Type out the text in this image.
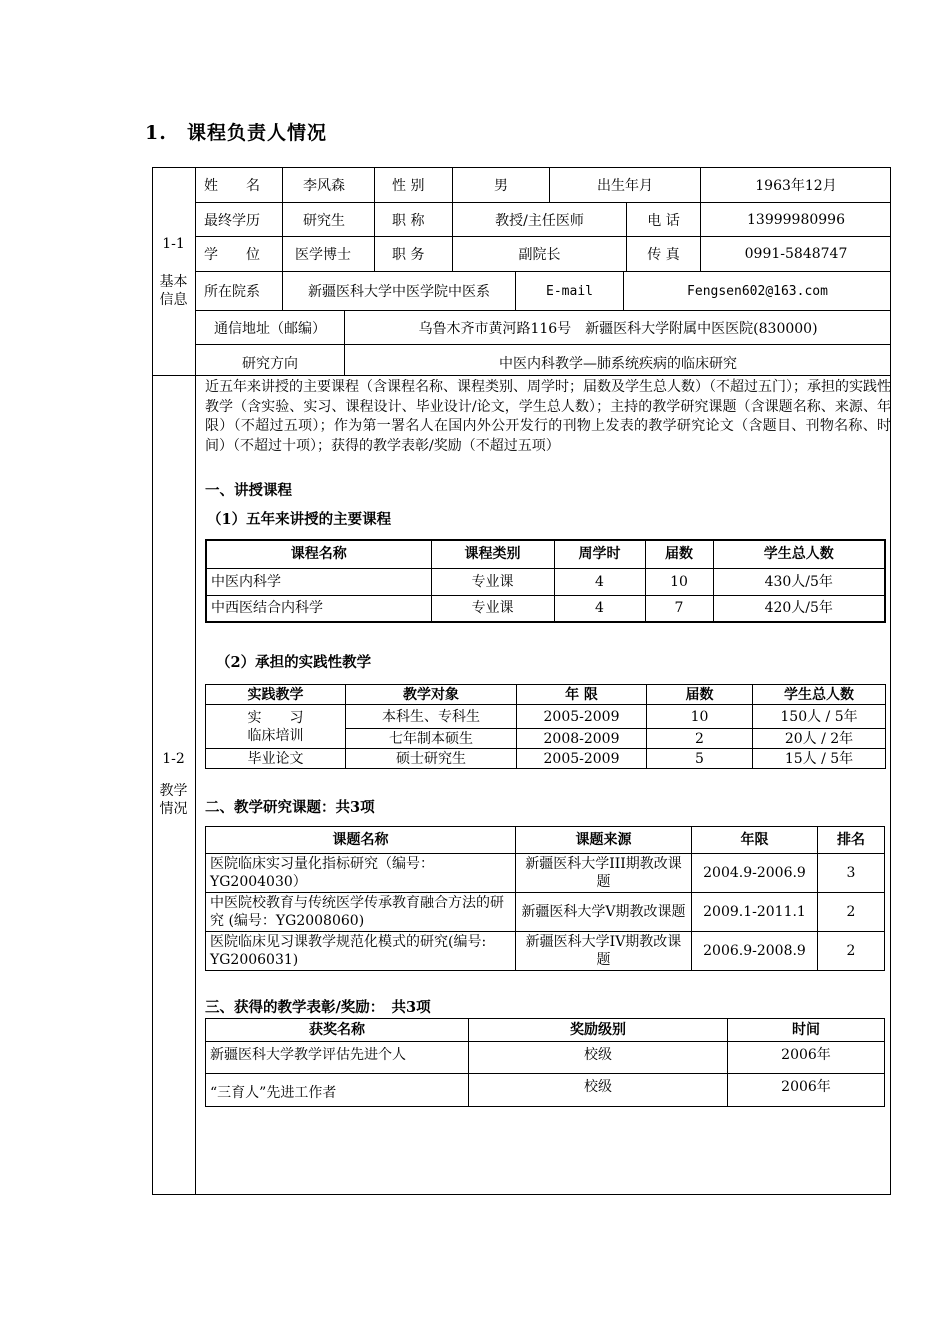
1. 课程负责人情况
1-1
基本
信息
姓　　名	李风森	性 别	男	出生年月	1963年12月
最终学历	研究生	职 称	教授/主任医师	电 话	13999980996
学　　位	医学博士	职 务	副院长	传 真	0991-5848747
所在院系	新疆医科大学中医学院中医系	E-mail	Fengsen602@163.com
通信地址（邮编）	乌鲁木齐市黄河路116号　新疆医科大学附属中医医院(830000)
研究方向	中医内科教学—肺系统疾病的临床研究
1-2
教学
情况
近五年来讲授的主要课程（含课程名称、课程类别、周学时；届数及学生总人数）（不超过五门）；承担的实践性教学（含实验、实习、课程设计、毕业设计/论文，学生总人数）；主持的教学研究课题（含课题名称、来源、年限）（不超过五项）；作为第一署名人在国内外公开发行的刊物上发表的教学研究论文（含题目、刊物名称、时间）（不超过十项）；获得的教学表彰/奖励（不超过五项）
一、讲授课程
（1）五年来讲授的主要课程
课程名称	课程类别	周学时	届数	学生总人数
中医内科学	专业课	4	10	430人/5年
中西医结合内科学	专业课	4	7	420人/5年
（2）承担的实践性教学
实践教学	教学对象	年 限	届数	学生总人数

实　　习
临床培训	本科生、专科生	2005-2009	10	150人 / 5年
	七年制本硕生	2008-2009	2	20人 / 2年
毕业论文	硕士研究生	2005-2009	5	15人 / 5年
二、教学研究课题：共3项
课题名称	课题来源	年限	排名
医院临床实习量化指标研究（编号：YG2004030）	新疆医科大学III期教改课题	2004.9-2006.9	3
中医院校教育与传统医学传承教育融合方法的研究 (编号：YG2008060)	新疆医科大学V期教改课题	2009.1-2011.1	2
医院临床见习课教学规范化模式的研究(编号: YG2006031)	新疆医科大学IV期教改课题	2006.9-2008.9	2
三、获得的教学表彰/奖励：　共3项
获奖名称	奖励级别	时间
新疆医科大学教学评估先进个人	校级	2006年
“三育人”先进工作者	校级	2006年
